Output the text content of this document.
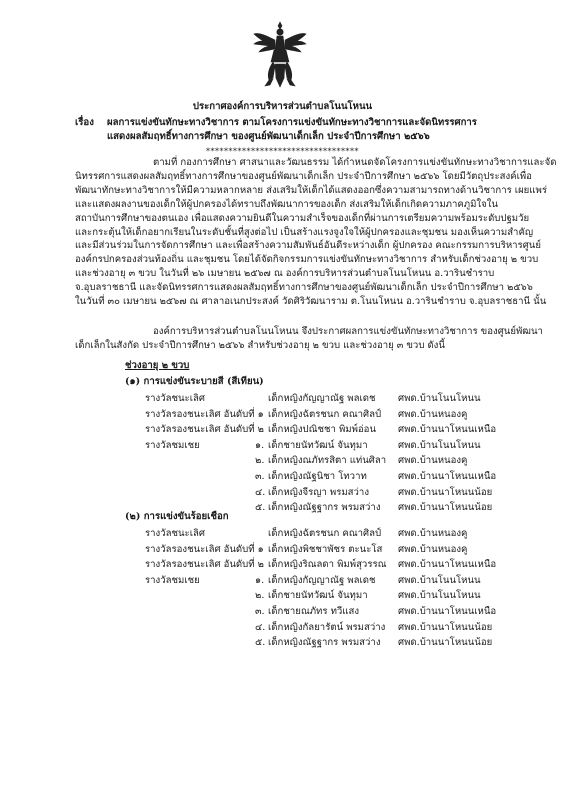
ประกาศองค์การบริหารส่วนตำบลโนนโหนน
เรื่อง ผลการแข่งขันทักษะทางวิชาการ ตามโครงการแข่งขันทักษะทางวิชาการและจัดนิทรรศการ
แสดงผลสัมฤทธิ์ทางการศึกษา ของศูนย์พัฒนาเด็กเล็ก ประจำปีการศึกษา ๒๕๖๖
**********************************
ตามที่ กองการศึกษา ศาสนาและวัฒนธรรม ได้กำหนดจัดโครงการแข่งขันทักษะทางวิชาการและจัด
นิทรรศการแสดงผลสัมฤทธิ์ทางการศึกษาของศูนย์พัฒนาเด็กเล็ก ประจำปีการศึกษา ๒๕๖๖ โดยมีวัตถุประสงค์เพื่อ
พัฒนาทักษะทางวิชาการให้มีความหลากหลาย ส่งเสริมให้เด็กได้แสดงออกซึ่งความสามารถทางด้านวิชาการ เผยแพร่
และแสดงผลงานของเด็กให้ผู้ปกครองได้ทราบถึงพัฒนาการของเด็ก ส่งเสริมให้เด็กเกิดความภาคภูมิใจใน
สถาบันการศึกษาของตนเอง เพื่อแสดงความยินดีในความสำเร็จของเด็กที่ผ่านการเตรียมความพร้อมระดับปฐมวัย
และกระตุ้นให้เด็กอยากเรียนในระดับชั้นที่สูงต่อไป เป็นสร้างแรงจูงใจให้ผู้ปกครองและชุมชน มองเห็นความสำคัญ
และมีส่วนร่วมในการจัดการศึกษา และเพื่อสร้างความสัมพันธ์อันดีระหว่างเด็ก ผู้ปกครอง คณะกรรมการบริหารศูนย์
องค์กรปกครองส่วนท้องถิ่น และชุมชน โดยได้จัดกิจกรรมการแข่งขันทักษะทางวิชาการ สำหรับเด็กช่วงอายุ ๒ ขวบ
และช่วงอายุ ๓ ขวบ ในวันที่ ๒๖ เมษายน ๒๕๖๗ ณ องค์การบริหารส่วนตำบลโนนโหนน อ.วารินชำราบ
จ.อุบลราชธานี และจัดนิทรรศการแสดงผลสัมฤทธิ์ทางการศึกษาของศูนย์พัฒนาเด็กเล็ก ประจำปีการศึกษา ๒๕๖๖
ในวันที่ ๓๐ เมษายน ๒๕๖๗ ณ ศาลาอเนกประสงค์ วัดศิริวัฒนาราม ต.โนนโหนน อ.วารินชำราบ จ.อุบลราชธานี นั้น
องค์การบริหารส่วนตำบลโนนโหนน จึงประกาศผลการแข่งขันทักษะทางวิชาการ ของศูนย์พัฒนา
เด็กเล็กในสังกัด ประจำปีการศึกษา ๒๕๖๖ สำหรับช่วงอายุ ๒ ขวบ และช่วงอายุ ๓ ขวบ ดังนี้
ช่วงอายุ ๒ ขวบ
(๑) การแข่งขันระบายสี (สีเทียน)
รางวัลชนะเลิศ	เด็กหญิงกัญญาณัฐ พลเดช ศพด.บ้านโนนโหนน
รางวัลรองชนะเลิศ อันดับที่ ๑ เด็กหญิงฉัตรชนก คณาศิลป์ ศพด.บ้านหนองคู
รางวัลรองชนะเลิศ อันดับที่ ๒ เด็กหญิงปณิชชา พิมพ์อ่อน ศพด.บ้านนาโหนนเหนือ
รางวัลชมเชย	๑. เด็กชายนัทวัฒน์ จันทุมา	ศพด.บ้านโนนโหนน
๒. เด็กหญิงณภัทรสิตา แท่นศิลา ศพด.บ้านหนองคู
๓. เด็กหญิงณัฐนิชา โทวาท	ศพด.บ้านนาโหนนเหนือ
๔. เด็กหญิงจีรญา พรมสว่าง	ศพด.บ้านนาโหนนน้อย
๕. เด็กหญิงณัฐฐากร พรมสว่าง ศพด.บ้านนาโหนนน้อย
(๒) การแข่งขันร้อยเชือก
รางวัลชนะเลิศ	เด็กหญิงฉัตรชนก คณาศิลป์ ศพด.บ้านหนองคู
รางวัลรองชนะเลิศ อันดับที่ ๑ เด็กหญิงพิชชาพัชร ตะนะโส ศพด.บ้านหนองคู
รางวัลรองชนะเลิศ อันดับที่ ๒ เด็กหญิงริณลดา พิมพ์สุวรรณ ศพด.บ้านนาโหนนเหนือ
รางวัลชมเชย	๑. เด็กหญิงกัญญาณัฐ พลเดช ศพด.บ้านโนนโหนน
๒. เด็กชายนัทวัฒน์ จันทุมา	ศพด.บ้านโนนโหนน
๓. เด็กชายณภัทร ทวีแสง	ศพด.บ้านนาโหนนเหนือ
๔. เด็กหญิงกัลยารัตน์ พรมสว่าง ศพด.บ้านนาโหนนน้อย
๕. เด็กหญิงณัฐฐากร พรมสว่าง ศพด.บ้านนาโหนนน้อย
